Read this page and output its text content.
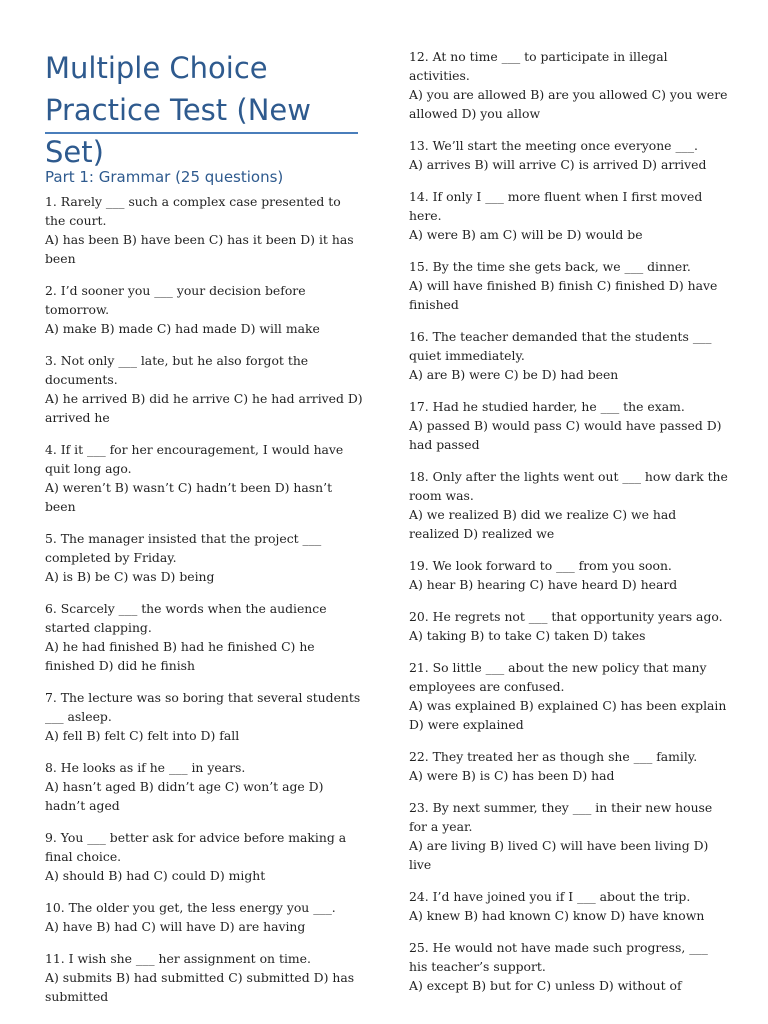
Multiple Choice Practice Test (New Set)
Part 1: Grammar (25 questions)
1. Rarely ___ such a complex case presented to the court.
A) has been B) have been C) has it been D) it has been
2. I’d sooner you ___ your decision before tomorrow.
A) make B) made C) had made D) will make
3. Not only ___ late, but he also forgot the documents.
A) he arrived B) did he arrive C) he had arrived D) arrived he
4. If it ___ for her encouragement, I would have quit long ago.
A) weren’t B) wasn’t C) hadn’t been D) hasn’t been
5. The manager insisted that the project ___ completed by Friday.
A) is B) be C) was D) being
6. Scarcely ___ the words when the audience started clapping.
A) he had finished B) had he finished C) he finished D) did he finish
7. The lecture was so boring that several students ___ asleep.
A) fell B) felt C) felt into D) fall
8. He looks as if he ___ in years.
A) hasn’t aged B) didn’t age C) won’t age D) hadn’t aged
9. You ___ better ask for advice before making a final choice.
A) should B) had C) could D) might
10. The older you get, the less energy you ___.
A) have B) had C) will have D) are having
11. I wish she ___ her assignment on time.
A) submits B) had submitted C) submitted D) has submitted
12. At no time ___ to participate in illegal activities.
A) you are allowed B) are you allowed C) you were allowed D) you allow
13. We’ll start the meeting once everyone ___.
A) arrives B) will arrive C) is arrived D) arrived
14. If only I ___ more fluent when I first moved here.
A) were B) am C) will be D) would be
15. By the time she gets back, we ___ dinner.
A) will have finished B) finish C) finished D) have finished
16. The teacher demanded that the students ___ quiet immediately.
A) are B) were C) be D) had been
17. Had he studied harder, he ___ the exam.
A) passed B) would pass C) would have passed D) had passed
18. Only after the lights went out ___ how dark the room was.
A) we realized B) did we realize C) we had realized D) realized we
19. We look forward to ___ from you soon.
A) hear B) hearing C) have heard D) heard
20. He regrets not ___ that opportunity years ago.
A) taking B) to take C) taken D) takes
21. So little ___ about the new policy that many employees are confused.
A) was explained B) explained C) has been explain D) were explained
22. They treated her as though she ___ family.
A) were B) is C) has been D) had
23. By next summer, they ___ in their new house for a year.
A) are living B) lived C) will have been living D) live
24. I’d have joined you if I ___ about the trip.
A) knew B) had known C) know D) have known
25. He would not have made such progress, ___ his teacher’s support.
A) except B) but for C) unless D) without of
